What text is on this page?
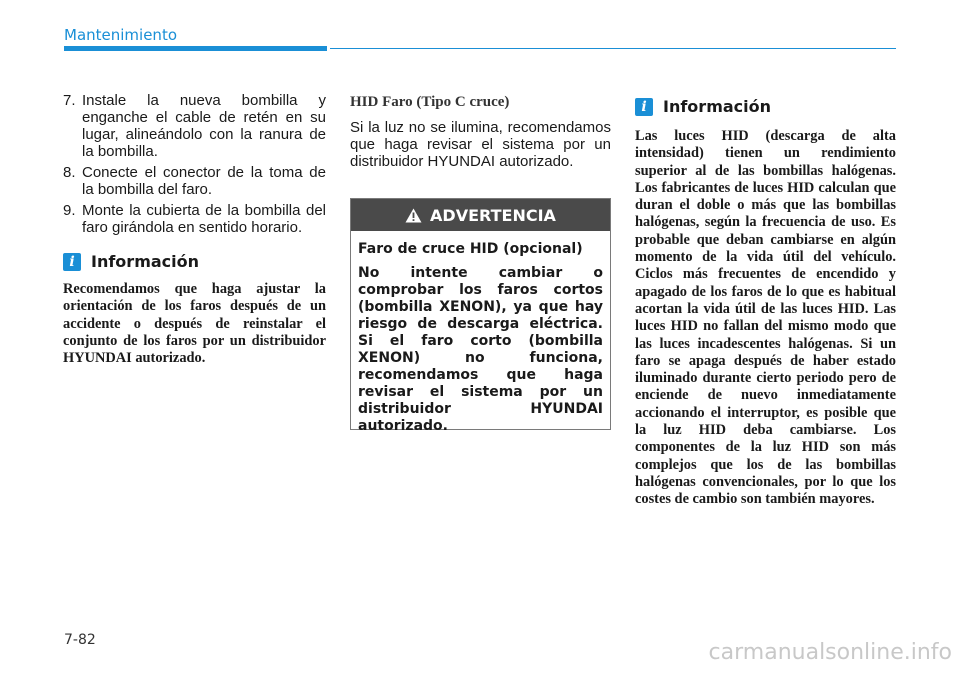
Mantenimiento
7. Instale la nueva bombilla y enganche el cable de retén en su lugar, alineándolo con la ranura de la bombilla.
8. Conecte el conector de la toma de la bombilla del faro.
9. Monte la cubierta de la bombilla del faro girándola en sentido horario.
i	Información

Recomendamos que haga ajustar la orientación de los faros después de un accidente o después de reinstalar el conjunto de los faros por un distribuidor HYUNDAI autorizado.

HID Faro (Tipo C cruce)

Si la luz no se ilumina, recomendamos que haga revisar el sistema por un distribuidor HYUNDAI autorizado.

ADVERTENCIA

Faro de cruce HID (opcional)

No intente cambiar o comprobar los faros cortos (bombilla XENON), ya que hay riesgo de descarga eléctrica. Si el faro corto (bombilla XENON) no funciona, recomendamos que haga revisar el sistema por un distribuidor HYUNDAI autorizado.

i	Información

Las luces HID (descarga de alta intensidad) tienen un rendimiento superior al de las bombillas halógenas. Los fabricantes de luces HID calculan que duran el doble o más que las bombillas halógenas, según la frecuencia de uso. Es probable que deban cambiarse en algún momento de la vida útil del vehículo. Ciclos más frecuentes de encendido y apagado de los faros de lo que es habitual acortan la vida útil de las luces HID. Las luces HID no fallan del mismo modo que las luces incadescentes halógenas. Si un faro se apaga después de haber estado iluminado durante cierto periodo pero de enciende de nuevo inmediatamente accionando el interruptor, es posible que la luz HID deba cambiarse. Los componentes de la luz HID son más complejos que los de las bombillas halógenas convencionales, por lo que los costes de cambio son también mayores.

7-82	carmanualsonline.info
